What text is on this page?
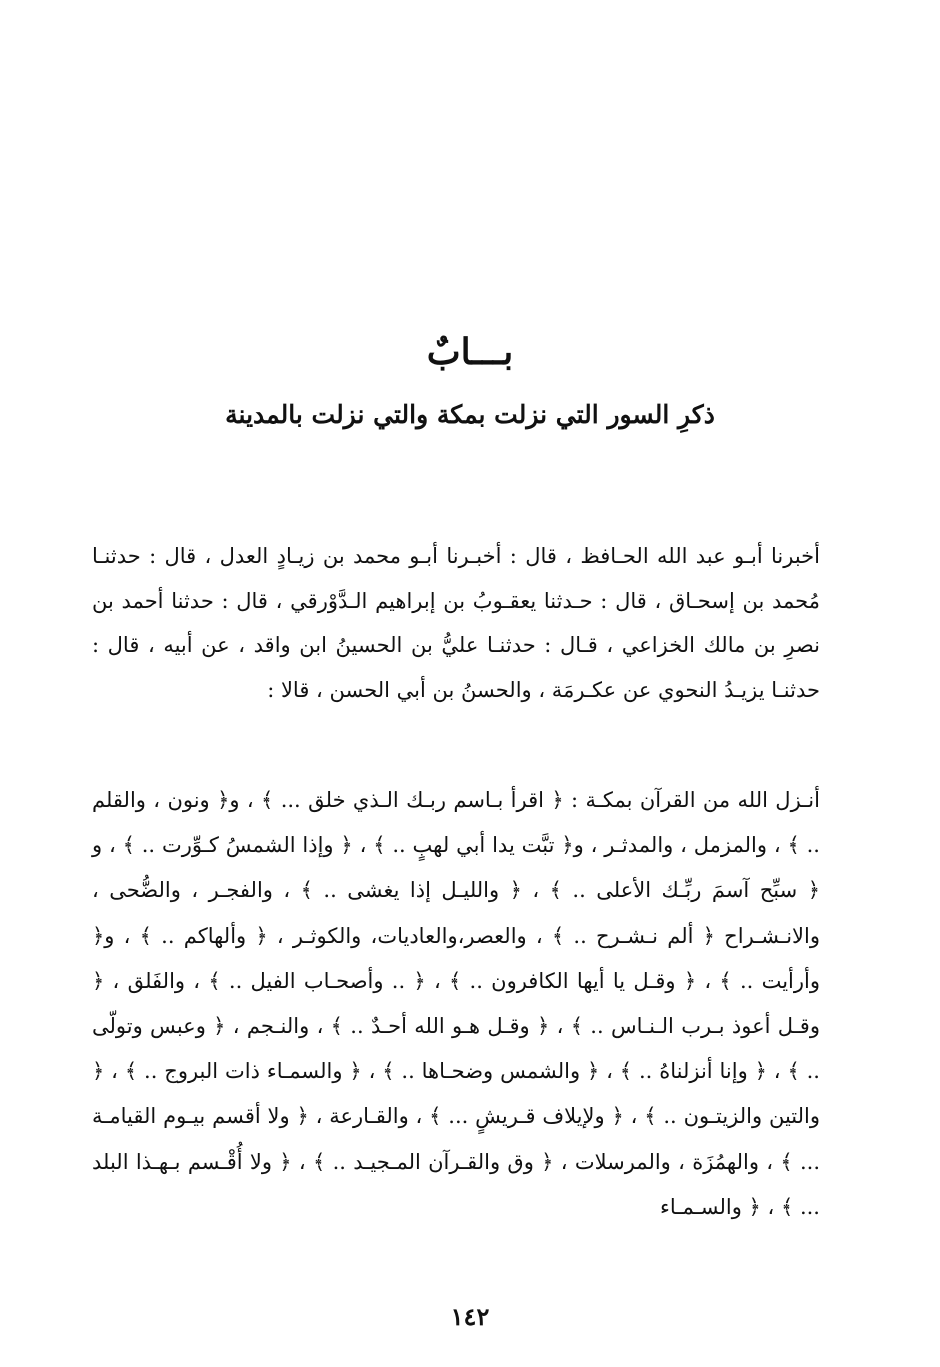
بـــابٌ
ذكرِ السور التي نزلت بمكة والتي نزلت بالمدينة

أخبرنا أبـو عبد الله الحـافظ ، قال : أخبـرنا أبـو محمد بن زيـادٍ العدل ، قال : حدثنـا مُحمد بن إسحـاق ، قال : حـدثنا يعقـوبُ بن إبراهيم الـدَّوْرقي ، قال : حدثنا أحمد بن نصرِ بن مالك الخزاعي ، قـال : حدثنـا عليُّ بن الحسينُ ابن واقد ، عن أبيه ، قال : حدثنـا يزيـدُ النحوي عن عكـرمَة ، والحسنُ بن أبي الحسن ، قالا :

أنـزل الله من القرآن بمكـة : ﴿ اقرأ بـاسم ربـك الـذي خلق ... ﴾ ، و﴿ ونون ، والقلم .. ﴾ ، والمزمل ، والمدثـر ، و﴿ تبَّت يدا أبي لهبٍ .. ﴾ ، ﴿ وإذا الشمسُ كـوِّرت .. ﴾ ، و ﴿ سبِّح آسمَ ربِّـك الأعلى .. ﴾ ، ﴿ والليـل إذا يغشى .. ﴾ ، والفجـر ، والضُّحى ، والانـشـراح ﴿ ألم نـشـرح .. ﴾ ، والعصر،والعاديات، والكوثـر ، ﴿ وألهاكم .. ﴾ ، و﴿ وأرأيت .. ﴾ ، ﴿ وقـل يا أيها الكافرون .. ﴾ ، ﴿ .. وأصحـاب الفيل .. ﴾ ، والفَلق ، ﴿ وقـل أعوذ بـرب الـنـاس .. ﴾ ، ﴿ وقـل هـو الله أحـدٌ .. ﴾ ، والنـجم ، ﴿ وعبس وتولّى .. ﴾ ، ﴿ وإنا أنزلناهُ .. ﴾ ، ﴿ والشمس وضحـاها .. ﴾ ، ﴿ والسمـاء ذات البروج .. ﴾ ، ﴿ والتين والزيتـون .. ﴾ ، ﴿ ولإيلاف قـريشٍ ... ﴾ ، والقـارعة ، ﴿ ولا أقسم بيـوم القيامـة ... ﴾ ، والهمُزَة ، والمرسلات ، ﴿ وق والقـرآن المـجيـد .. ﴾ ، ﴿ ولا أُقْـسم بـهـذا البلد ... ﴾ ، ﴿ والسـمـاء

١٤٢
